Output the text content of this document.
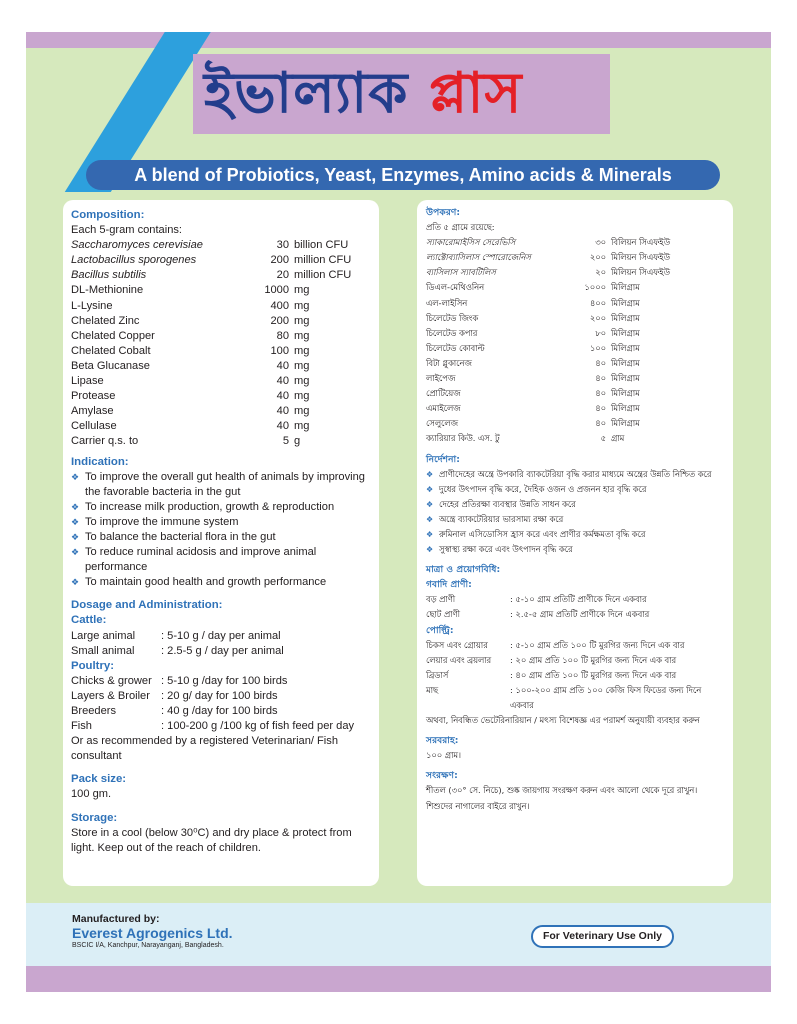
ইভাল্যাক প্লাস
A blend of Probiotics, Yeast, Enzymes, Amino acids & Minerals
Composition:
Each 5-gram contains:
Saccharomyces cerevisiae	30 billion CFU
Lactobacillus sporogenes	200 million CFU
Bacillus subtilis	20 million CFU
DL-Methionine	1000 mg
L-Lysine	400 mg
Chelated Zinc	200 mg
Chelated Copper	80 mg
Chelated Cobalt	100 mg
Beta Glucanase	40 mg
Lipase	40 mg
Protease	40 mg
Amylase	40 mg
Cellulase	40 mg
Carrier q.s. to	5 g
Indication:
❖ To improve the overall gut health of animals by improving the favorable bacteria in the gut
❖ To increase milk production, growth & reproduction
❖ To improve the immune system
❖ To balance the bacterial flora in the gut
❖ To reduce ruminal acidosis and improve animal performance
❖ To maintain good health and growth performance
Dosage and Administration:
Cattle:
Large animal	: 5-10 g / day per animal
Small animal	: 2.5-5 g / day per animal
Poultry:
Chicks & grower : 5-10 g /day for 100 birds
Layers & Broiler : 20 g/ day for 100 birds
Breeders	: 40 g /day for 100 birds
Fish	: 100-200 g /100 kg of fish feed per day
Or as recommended by a registered Veterinarian/ Fish consultant
Pack size:
100 gm.
Storage:
Store in a cool (below 30⁰C) and dry place & protect from light. Keep out of the reach of children.
উপকরণ:
প্রতি ৫ গ্রামে রয়েছে:
স্যাকারোমাইসিস সেরেভিসি	৩০ বিলিয়ন সিএফইউ
ল্যাক্টোব্যাসিলাস স্পোরোজেনিস	২০০ মিলিয়ন সিএফইউ
ব্যাসিলাস স্যাবটিলিস	২০ মিলিয়ন সিএফইউ
ডিএল-মেথিওনিন	১০০০ মিলিগ্রাম
এল-লাইসিন	৪০০ মিলিগ্রাম
চিলেটেড জিংক	২০০ মিলিগ্রাম
চিলেটেড কপার	৮০ মিলিগ্রাম
চিলেটেড কোবাল্ট	১০০ মিলিগ্রাম
বিটা গ্লুকানেজ	৪০ মিলিগ্রাম
লাইপেজ	৪০ মিলিগ্রাম
প্রোটিয়েজ	৪০ মিলিগ্রাম
এমাইলেজ	৪০ মিলিগ্রাম
সেলুলেজ	৪০ মিলিগ্রাম
ক্যারিয়ার কিউ. এস. টু	৫ গ্রাম
নির্দেশনা:
❖ প্রাণীদেহের অন্ত্রে উপকারি ব্যাকটেরিয়া বৃদ্ধি করার মাধ্যমে অন্ত্রের উন্নতি নিশ্চিত করে
❖ দুধের উৎপাদন বৃদ্ধি করে, দৈহিক ওজন ও প্রজনন হার বৃদ্ধি করে
❖ দেহের প্রতিরক্ষা ব্যবস্থার উন্নতি সাধন করে
❖ অন্ত্রে ব্যাকটেরিয়ার ভারসাম্য রক্ষা করে
❖ রুমিনাল এসিডোসিস হ্রাস করে এবং প্রাণীর কর্মক্ষমতা বৃদ্ধি করে
❖ সুস্বাস্থ্য রক্ষা করে এবং উৎপাদন বৃদ্ধি করে
মাত্রা ও প্রয়োগবিধি:
গবাদি প্রাণী:
বড় প্রাণী	: ৫-১০ গ্রাম প্রতিটি প্রাণীকে দিনে একবার
ছোট প্রাণী	: ২.৫-৫ গ্রাম প্রতিটি প্রাণীকে দিনে একবার
পোল্ট্রি:
চিকস এবং গ্রোয়ার	: ৫-১০ গ্রাম প্রতি ১০০ টি মুরগির জন্য দিনে এক বার
লেয়ার এবং ব্রয়লার	: ২০ গ্রাম প্রতি ১০০ টি মুরগির জন্য দিনে এক বার
ব্রিডার্স	: ৪০ গ্রাম প্রতি ১০০ টি মুরগির জন্য দিনে এক বার
মাছ	: ১০০-২০০ গ্রাম প্রতি ১০০ কেজি ফিস ফিডের জন্য দিনে একবার
অথবা, নিবন্ধিত ভেটেরিনারিয়ান / মৎস্য বিশেষজ্ঞ এর পরামর্শ অনুযায়ী ব্যবহার করুন
সরবরাহ:
১০০ গ্রাম।
সংরক্ষণ:
শীতল (৩০° সে. নিচে), শুষ্ক জায়গায় সংরক্ষণ করুন এবং আলো থেকে দূরে রাখুন। শিশুদের নাগালের বাইরে রাখুন।
Manufactured by:
Everest Agrogenics Ltd.
BSCIC I/A, Kanchpur, Narayanganj, Bangladesh.
For Veterinary Use Only
